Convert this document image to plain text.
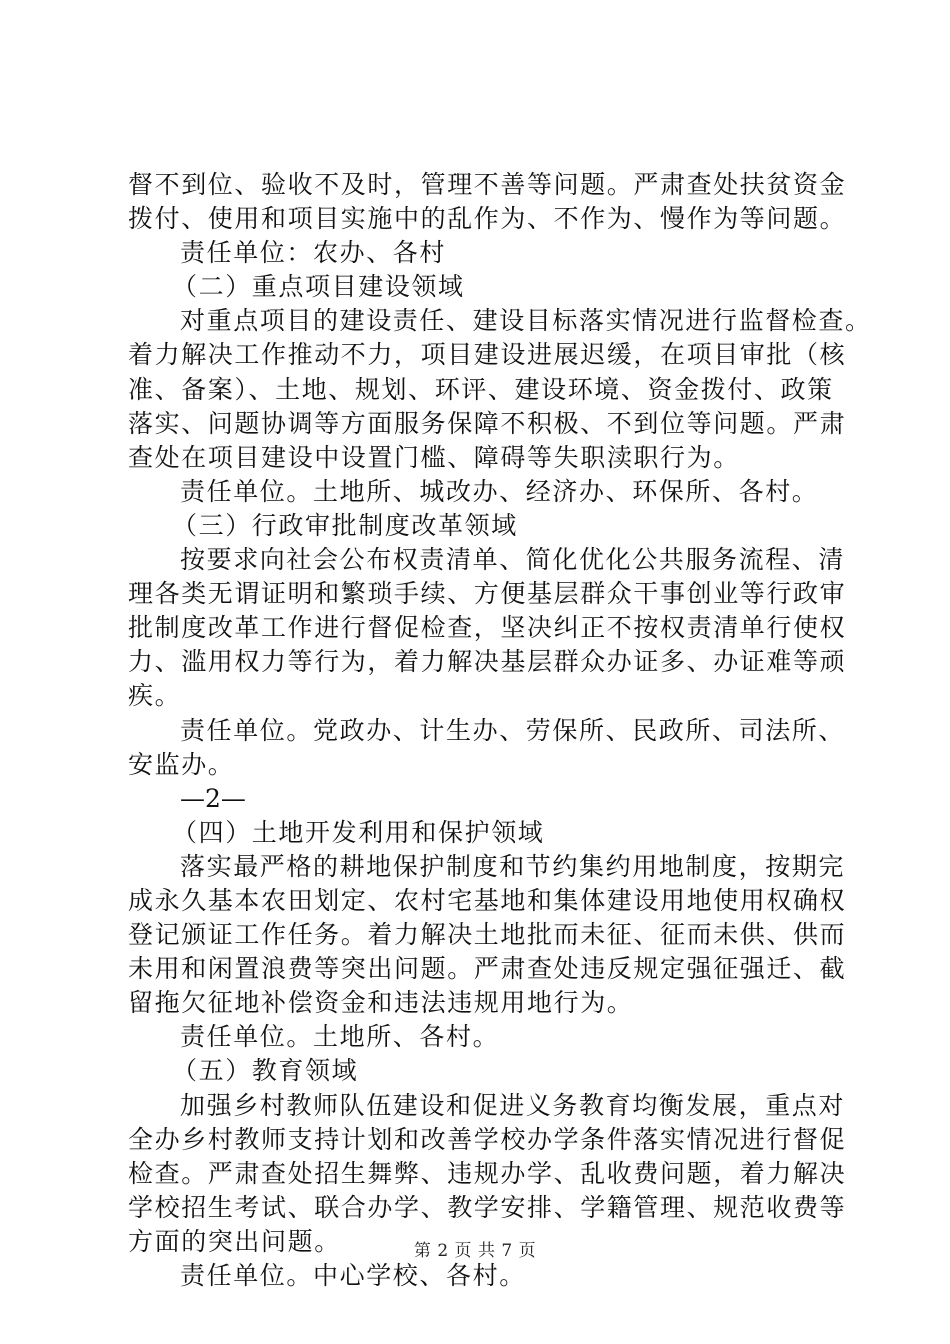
督不到位、验收不及时，管理不善等问题。严肃查处扶贫资金
拨付、使用和项目实施中的乱作为、不作为、慢作为等问题。
责任单位：农办、各村
（二）重点项目建设领域
对重点项目的建设责任、建设目标落实情况进行监督检查。
着力解决工作推动不力，项目建设进展迟缓，在项目审批（核
准、备案）、土地、规划、环评、建设环境、资金拨付、政策
落实、问题协调等方面服务保障不积极、不到位等问题。严肃
查处在项目建设中设置门槛、障碍等失职渎职行为。
责任单位。土地所、城改办、经济办、环保所、各村。
（三）行政审批制度改革领域
按要求向社会公布权责清单、简化优化公共服务流程、清
理各类无谓证明和繁琐手续、方便基层群众干事创业等行政审
批制度改革工作进行督促检查，坚决纠正不按权责清单行使权
力、滥用权力等行为，着力解决基层群众办证多、办证难等顽
疾。
责任单位。党政办、计生办、劳保所、民政所、司法所、
安监办。
—2—
（四）土地开发利用和保护领域
落实最严格的耕地保护制度和节约集约用地制度，按期完
成永久基本农田划定、农村宅基地和集体建设用地使用权确权
登记颁证工作任务。着力解决土地批而未征、征而未供、供而
未用和闲置浪费等突出问题。严肃查处违反规定强征强迁、截
留拖欠征地补偿资金和违法违规用地行为。
责任单位。土地所、各村。
（五）教育领域
加强乡村教师队伍建设和促进义务教育均衡发展，重点对
全办乡村教师支持计划和改善学校办学条件落实情况进行督促
检查。严肃查处招生舞弊、违规办学、乱收费问题，着力解决
学校招生考试、联合办学、教学安排、学籍管理、规范收费等
方面的突出问题。
责任单位。中心学校、各村。
第 2 页 共 7 页
